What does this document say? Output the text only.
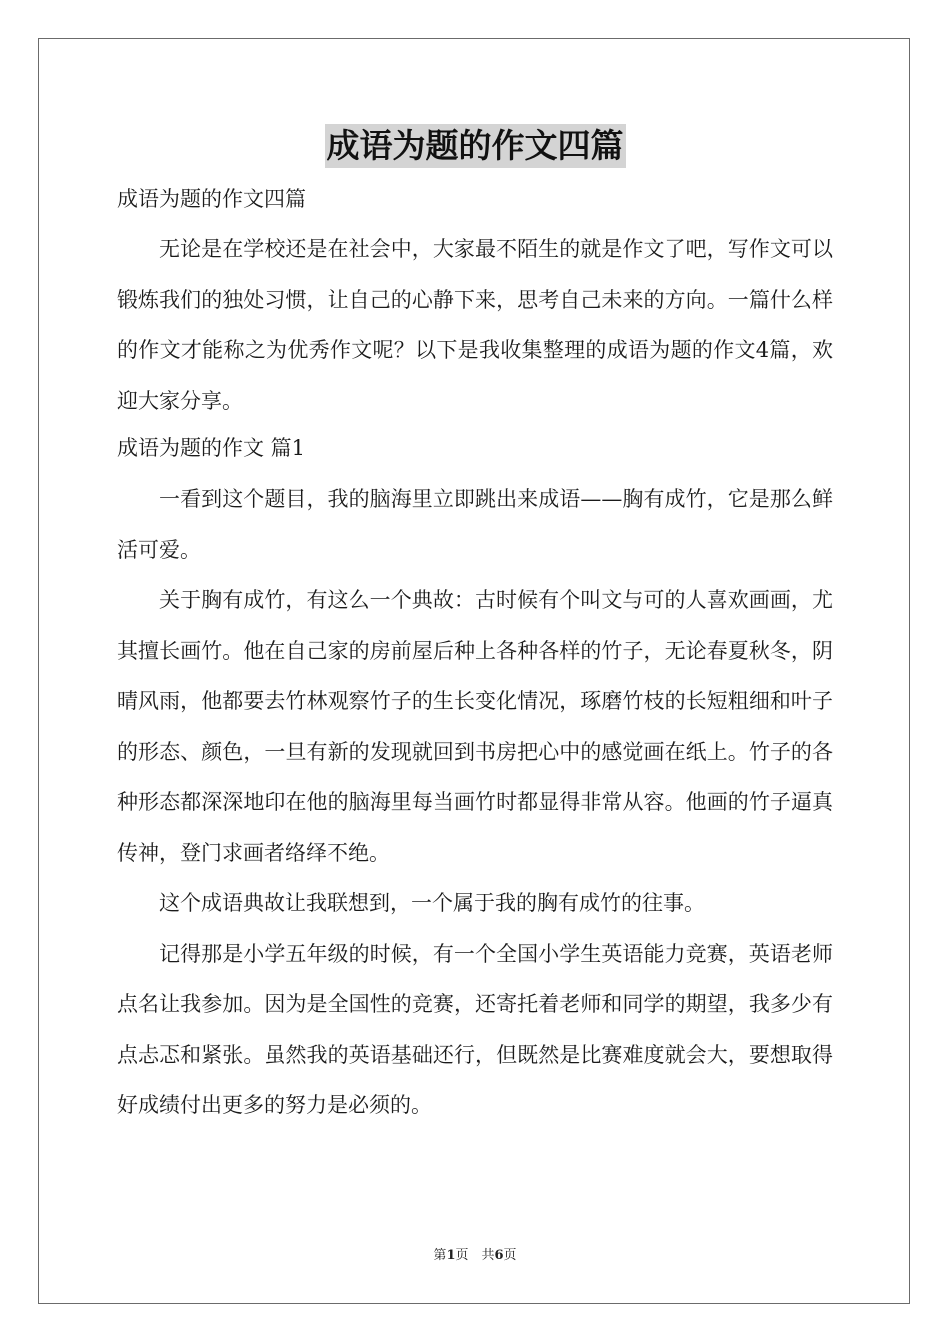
成语为题的作文四篇

成语为题的作文四篇

无论是在学校还是在社会中，大家最不陌生的就是作文了吧，写作文可以锻炼我们的独处习惯，让自己的心静下来，思考自己未来的方向。一篇什么样的作文才能称之为优秀作文呢？以下是我收集整理的成语为题的作文4篇，欢迎大家分享。

成语为题的作文 篇1

一看到这个题目，我的脑海里立即跳出来成语——胸有成竹，它是那么鲜活可爱。

关于胸有成竹，有这么一个典故：古时候有个叫文与可的人喜欢画画，尤其擅长画竹。他在自己家的房前屋后种上各种各样的竹子，无论春夏秋冬，阴晴风雨，他都要去竹林观察竹子的生长变化情况，琢磨竹枝的长短粗细和叶子的形态、颜色，一旦有新的发现就回到书房把心中的感觉画在纸上。竹子的各种形态都深深地印在他的脑海里每当画竹时都显得非常从容。他画的竹子逼真传神，登门求画者络绎不绝。

这个成语典故让我联想到，一个属于我的胸有成竹的往事。

记得那是小学五年级的时候，有一个全国小学生英语能力竞赛，英语老师点名让我参加。因为是全国性的竞赛，还寄托着老师和同学的期望，我多少有点忐忑和紧张。虽然我的英语基础还行，但既然是比赛难度就会大，要想取得好成绩付出更多的努力是必须的。

第1页　共6页
